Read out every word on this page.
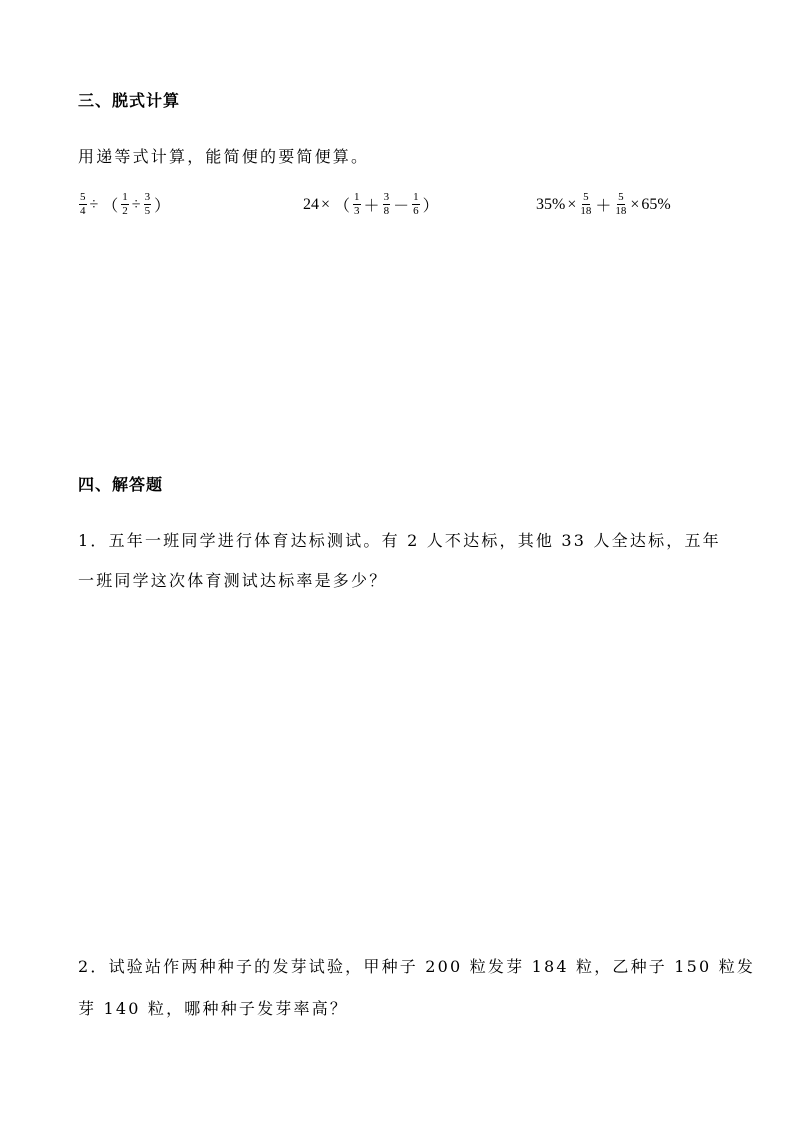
三、脱式计算
用递等式计算，能简便的要简便算。
$\frac{5}{4}$ ÷ （ $\frac{1}{2} \div \frac{3}{5}$ ）	24 × （ $\frac{1}{3} + \frac{3}{8} - \frac{1}{6}$ ）	$35\% \times \frac{5}{18} + \frac{5}{18} \times 65\%$
四、解答题
1．五年一班同学进行体育达标测试。有 2 人不达标，其他 33 人全达标，五年
一班同学这次体育测试达标率是多少？
2．试验站作两种种子的发芽试验，甲种子 200 粒发芽 184 粒，乙种子 150 粒发
芽 140 粒，哪种种子发芽率高？
